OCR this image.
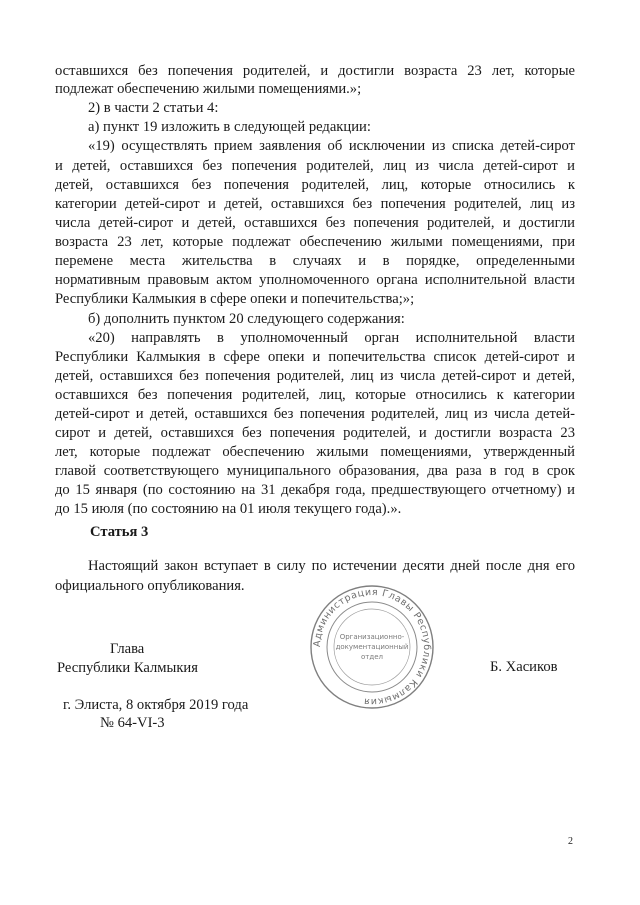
оставшихся без попечения родителей, и достигли возраста 23 лет, которые
подлежат обеспечению жилыми помещениями.»;
2) в части 2 статьи 4:
а) пункт 19 изложить в следующей редакции:
«19) осуществлять прием заявления об исключении из списка детей-сирот
и детей, оставшихся без попечения родителей, лиц из числа детей-сирот и
детей, оставшихся без попечения родителей, лиц, которые относились к
категории детей-сирот и детей, оставшихся без попечения родителей, лиц из
числа детей-сирот и детей, оставшихся без попечения родителей, и достигли
возраста 23 лет, которые подлежат обеспечению жилыми помещениями, при
перемене места жительства в случаях и в порядке, определенными
нормативным правовым актом уполномоченного органа исполнительной власти
Республики Калмыкия в сфере опеки и попечительства;»;
б) дополнить пунктом 20 следующего содержания:
«20) направлять в уполномоченный орган исполнительной власти
Республики Калмыкия в сфере опеки и попечительства список детей-сирот и
детей, оставшихся без попечения родителей, лиц из числа детей-сирот и детей,
оставшихся без попечения родителей, лиц, которые относились к категории
детей-сирот и детей, оставшихся без попечения родителей, лиц из числа детей-
сирот и детей, оставшихся без попечения родителей, и достигли возраста 23
лет, которые подлежат обеспечению жилыми помещениями, утвержденный
главой соответствующего муниципального образования, два раза в год в срок
до 15 января (по состоянию на 31 декабря года, предшествующего отчетному) и
до 15 июля (по состоянию на 01 июля текущего года).».
Статья 3
Настоящий закон вступает в силу по истечении десяти дней после дня его
официального опубликования.
Глава
Республики Калмыкия	Б. Хасиков
г. Элиста, 8 октября 2019 года
№ 64-VI-3
Администрация Главы Республики Калмыкия
Организационно-
документационный
отдел
2
